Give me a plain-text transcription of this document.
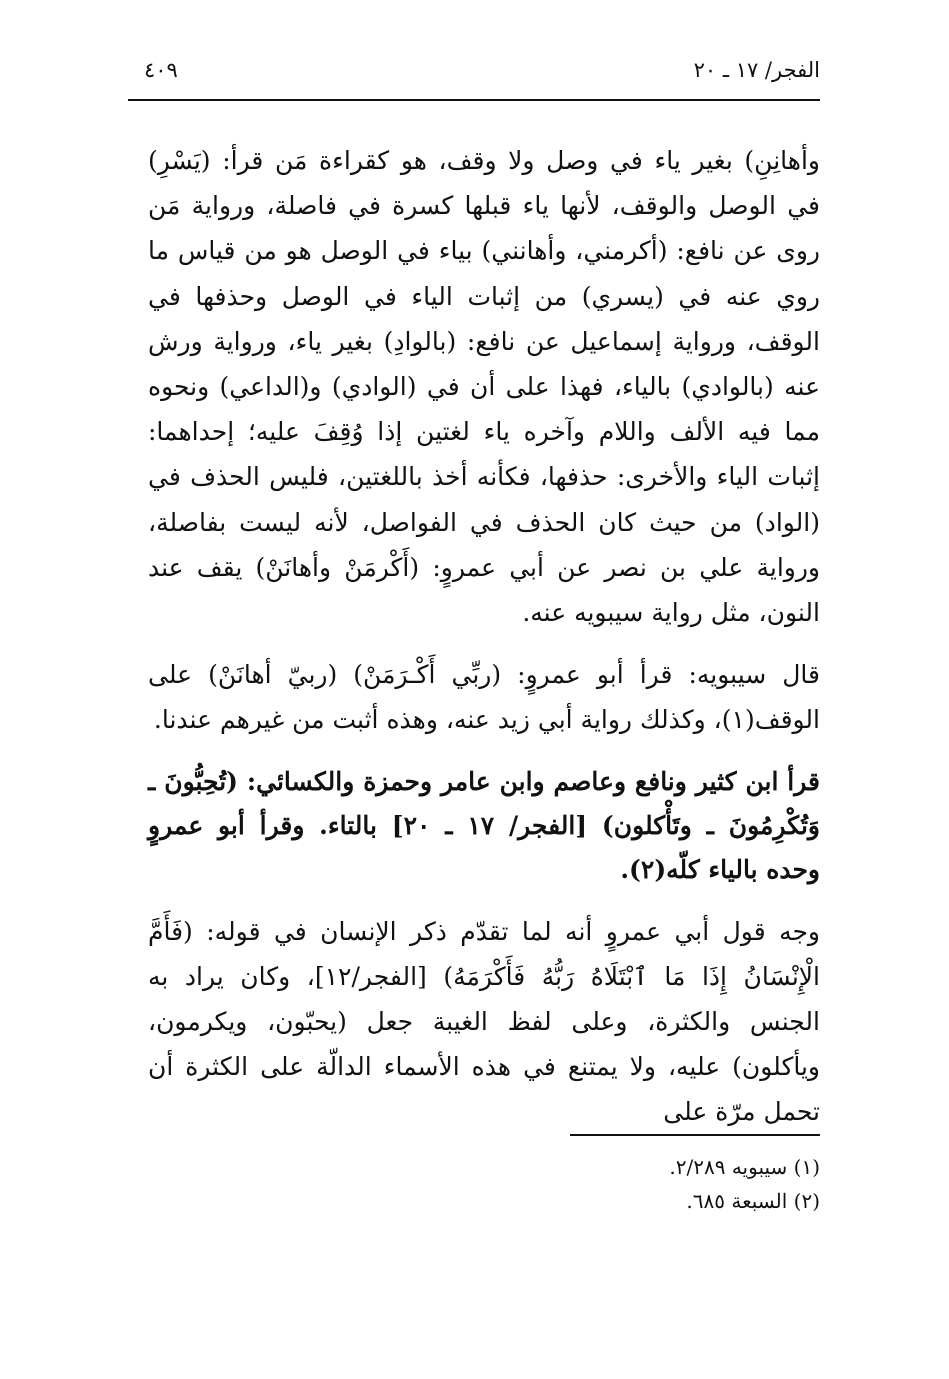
٤٠٩	الفجر/ ١٧ ـ ٢٠

وأهانِنِ) بغير ياء في وصل ولا وقف، هو كقراءة مَن قرأ: (يَسْرِ) في الوصل والوقف، لأنها ياء قبلها كسرة في فاصلة، ورواية مَن روى عن نافع: (أكرمني، وأهانني) بياء في الوصل هو من قياس ما روي عنه في (يسري) من إثبات الياء في الوصل وحذفها في الوقف، ورواية إسماعيل عن نافع: (بالوادِ) بغير ياء، ورواية ورش عنه (بالوادي) بالياء، فهذا على أن في (الوادي) و(الداعي) ونحوه مما فيه الألف واللام وآخره ياء لغتين إذا وُقِفَ عليه؛ إحداهما: إثبات الياء والأخرى: حذفها، فكأنه أخذ باللغتين، فليس الحذف في (الواد) من حيث كان الحذف في الفواصل، لأنه ليست بفاصلة، ورواية علي بن نصر عن أبي عمروٍ: (أَكْرمَنْ وأهانَنْ) يقف عند النون، مثل رواية سيبويه عنه.

قال سيبويه: قرأ أبو عمروٍ: (ربِّي أَكْـرَمَنْ) (ربيّ أهانَنْ) على الوقف(١)، وكذلك رواية أبي زيد عنه، وهذه أثبت من غيرهم عندنا.

قرأ ابن كثير ونافع وعاصم وابن عامر وحمزة والكسائي: (تُحِبُّونَ ـ وَتُكْرِمُونَ ـ وتَأْكلون) [الفجر/ ١٧ ـ ٢٠] بالتاء. وقرأ أبو عمروٍ وحده بالياء كلّه(٢).

وجه قول أبي عمروٍ أنه لما تقدّم ذكر الإنسان في قوله: (فَأَمَّ الْإِنْسَانُ إِذَا مَا ٱبْتَلَاهُ رَبُّهُ فَأَكْرَمَهُ) [الفجر/١٢]، وكان يراد به الجنس والكثرة، وعلى لفظ الغيبة جعل (يحبّون، ويكرمون، ويأكلون) عليه، ولا يمتنع في هذه الأسماء الدالّة على الكثرة أن تحمل مرّة على

(١) سيبويه ٢/٢٨٩.

(٢) السبعة ٦٨٥.
